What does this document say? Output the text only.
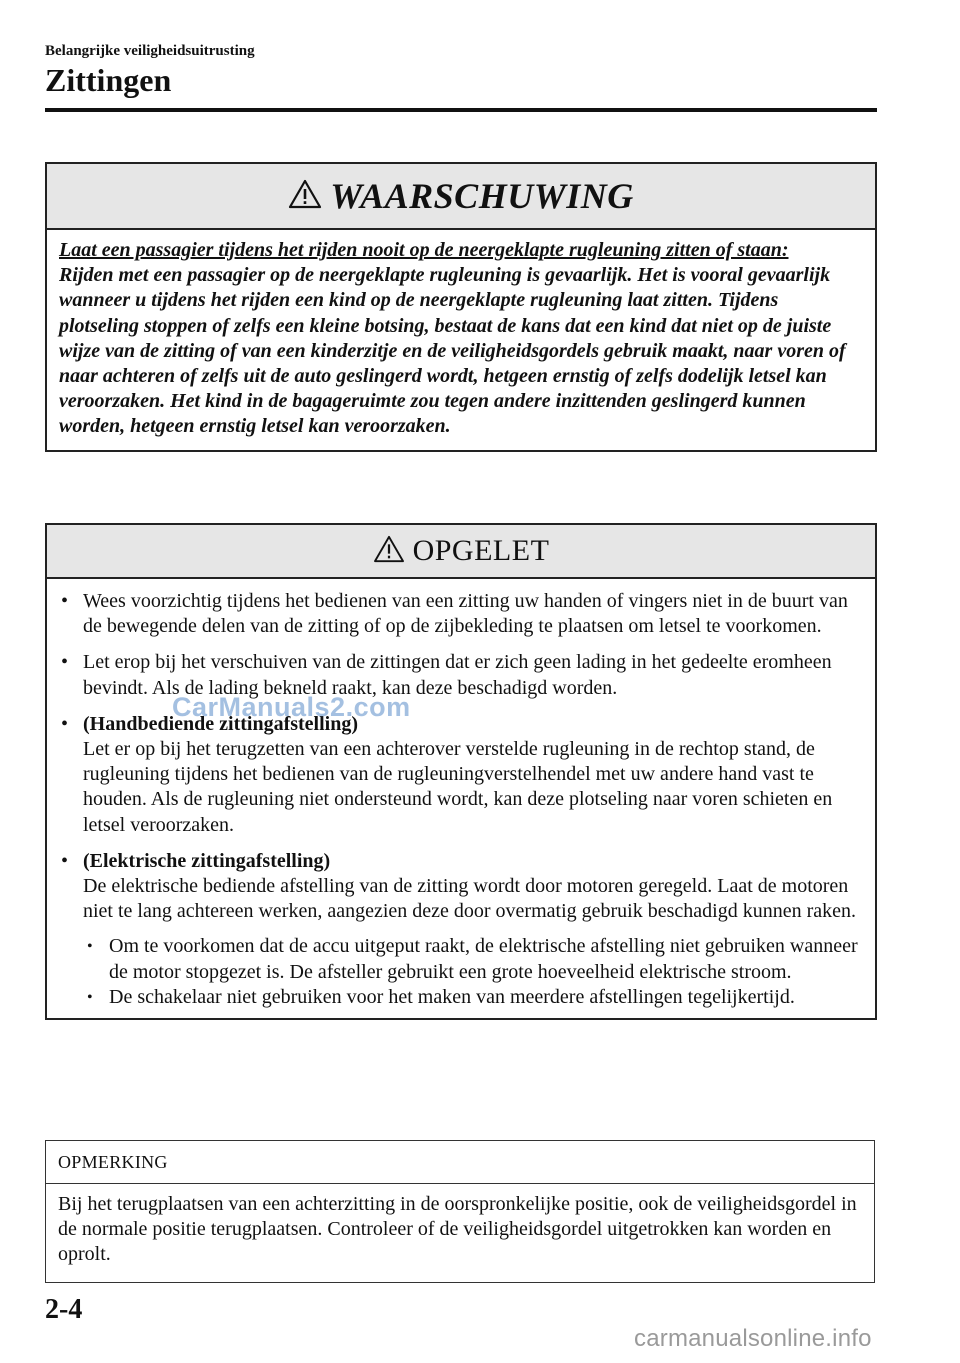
Belangrijke veiligheidsuitrusting
Zittingen
WAARSCHUWING
Laat een passagier tijdens het rijden nooit op de neergeklapte rugleuning zitten of staan:
Rijden met een passagier op de neergeklapte rugleuning is gevaarlijk. Het is vooral gevaarlijk wanneer u tijdens het rijden een kind op de neergeklapte rugleuning laat zitten. Tijdens plotseling stoppen of zelfs een kleine botsing, bestaat de kans dat een kind dat niet op de juiste wijze van de zitting of van een kinderzitje en de veiligheidsgordels gebruik maakt, naar voren of naar achteren of zelfs uit de auto geslingerd wordt, hetgeen ernstig of zelfs dodelijk letsel kan veroorzaken. Het kind in de bagageruimte zou tegen andere inzittenden geslingerd kunnen worden, hetgeen ernstig letsel kan veroorzaken.
OPGELET
• Wees voorzichtig tijdens het bedienen van een zitting uw handen of vingers niet in de buurt van de bewegende delen van de zitting of op de zijbekleding te plaatsen om letsel te voorkomen.
• Let erop bij het verschuiven van de zittingen dat er zich geen lading in het gedeelte eromheen bevindt. Als de lading bekneld raakt, kan deze beschadigd worden.
• (Handbediende zittingafstelling)
Let er op bij het terugzetten van een achterover verstelde rugleuning in de rechtop stand, de rugleuning tijdens het bedienen van de rugleuningverstelhendel met uw andere hand vast te houden. Als de rugleuning niet ondersteund wordt, kan deze plotseling naar voren schieten en letsel veroorzaken.
• (Elektrische zittingafstelling)
De elektrische bediende afstelling van de zitting wordt door motoren geregeld. Laat de motoren niet te lang achtereen werken, aangezien deze door overmatig gebruik beschadigd kunnen raken.
• Om te voorkomen dat de accu uitgeput raakt, de elektrische afstelling niet gebruiken wanneer de motor stopgezet is. De afsteller gebruikt een grote hoeveelheid elektrische stroom.
• De schakelaar niet gebruiken voor het maken van meerdere afstellingen tegelijkertijd.
OPMERKING
Bij het terugplaatsen van een achterzitting in de oorspronkelijke positie, ook de veiligheidsgordel in de normale positie terugplaatsen. Controleer of de veiligheidsgordel uitgetrokken kan worden en oprolt.
2-4
CarManuals2.com
carmanualsonline.info
